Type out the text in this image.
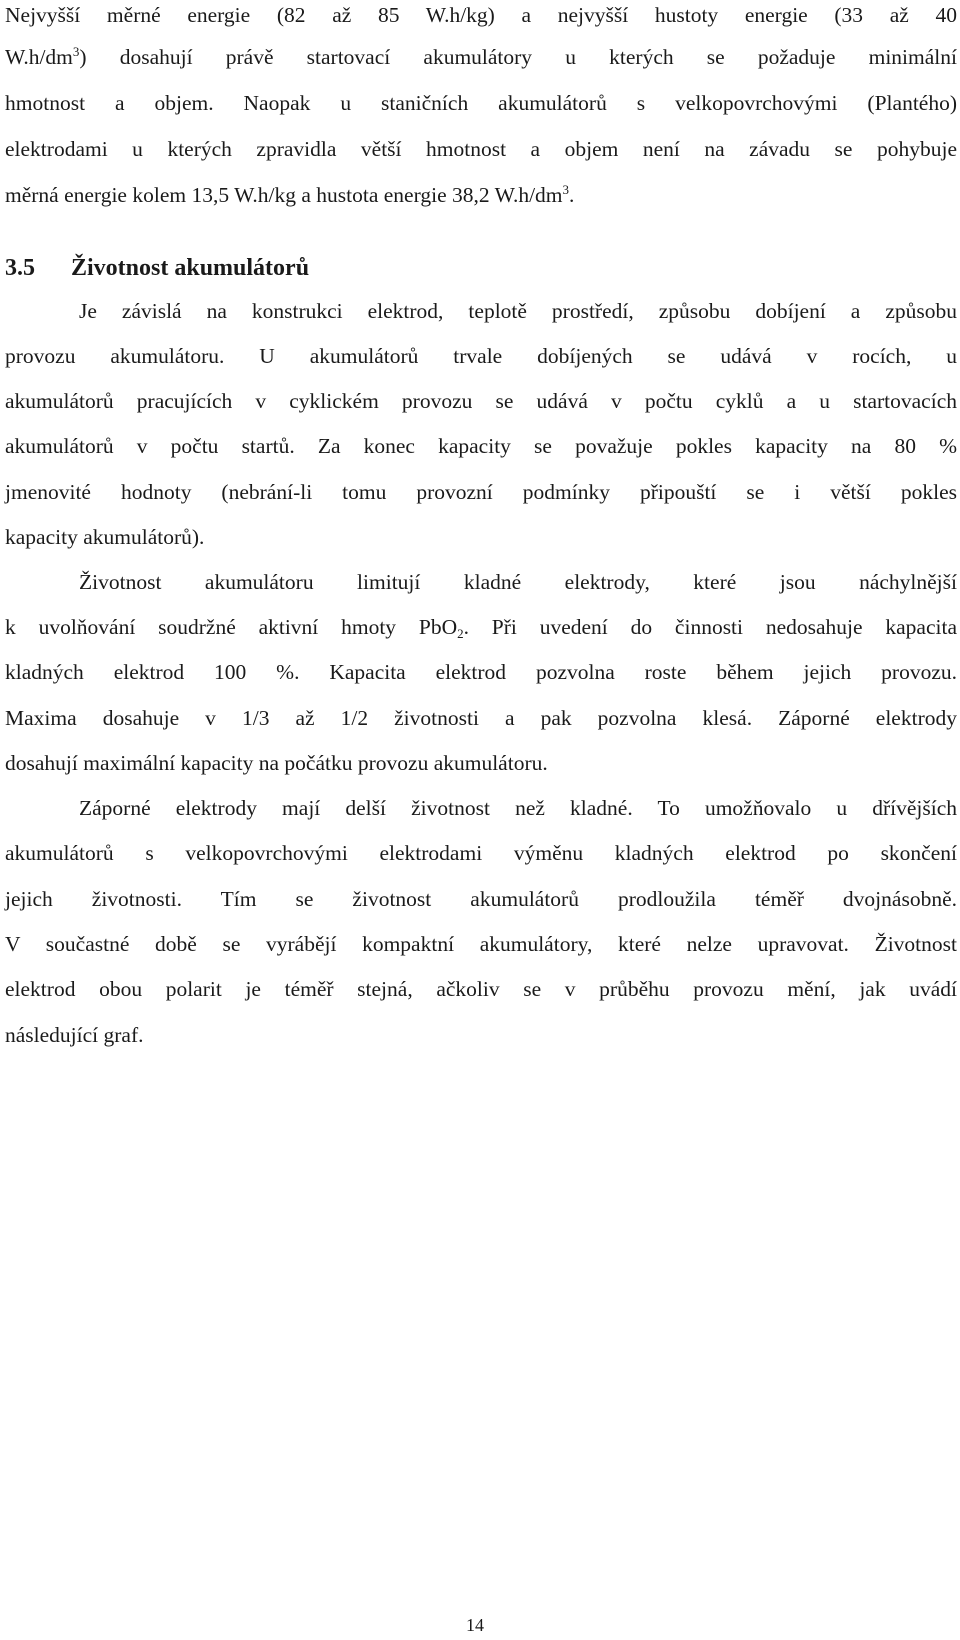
Nejvyšší měrné energie (82 až 85 W.h/kg) a nejvyšší hustoty energie (33 až 40
$W.h/dm^3$) dosahují právě startovací akumulátory u kterých se požaduje minimální
hmotnost a objem. Naopak u staničních akumulátorů s velkopovrchovými (Plantého)
elektrodami u kterých zpravidla větší hmotnost a objem není na závadu se pohybuje
měrná energie kolem 13,5 W.h/kg a hustota energie 38,2 $W.h/dm^3$.
3.5 Životnost akumulátorů
Je závislá na konstrukci elektrod, teplotě prostředí, způsobu dobíjení a způsobu
provozu akumulátoru. U akumulátorů trvale dobíjených se udává v rocích, u
akumulátorů pracujících v cyklickém provozu se udává v počtu cyklů a u startovacích
akumulátorů v počtu startů. Za konec kapacity se považuje pokles kapacity na 80 %
jmenovité hodnoty (nebrání-li tomu provozní podmínky připouští se i větší pokles
kapacity akumulátorů).
Životnost akumulátoru limitují kladné elektrody, které jsou náchylnější
k uvolňování soudržné aktivní hmoty PbO$_2$. Při uvedení do činnosti nedosahuje kapacita
kladných elektrod 100 %. Kapacita elektrod pozvolna roste během jejich provozu.
Maxima dosahuje v 1/3 až 1/2 životnosti a pak pozvolna klesá. Záporné elektrody
dosahují maximální kapacity na počátku provozu akumulátoru.
Záporné elektrody mají delší životnost než kladné. To umožňovalo u dřívějších
akumulátorů s velkopovrchovými elektrodami výměnu kladných elektrod po skončení
jejich životnosti. Tím se životnost akumulátorů prodloužila téměř dvojnásobně.
V součastné době se vyrábějí kompaktní akumulátory, které nelze upravovat. Životnost
elektrod obou polarit je téměř stejná, ačkoliv se v průběhu provozu mění, jak uvádí
následující graf.
14
